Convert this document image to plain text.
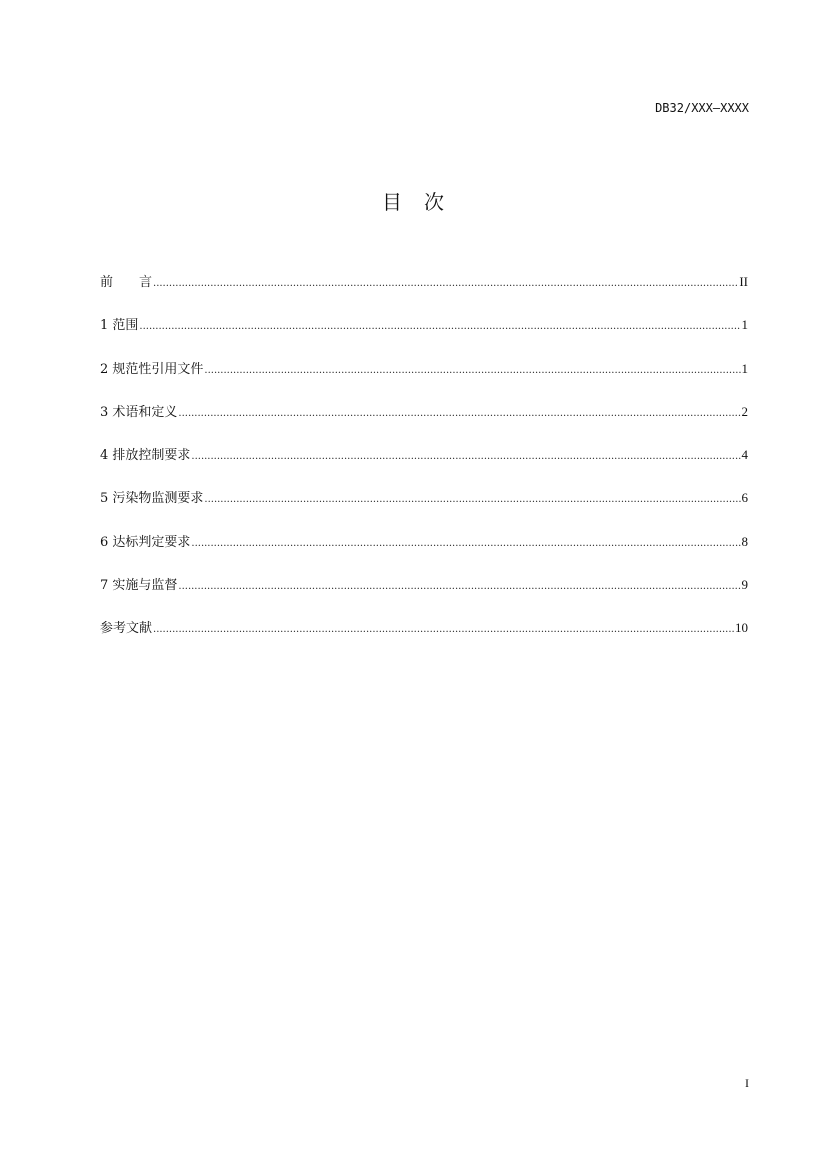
DB32/XXX—XXXX
目次
前　　言 .....	II
1 范围 .....	1
2 规范性引用文件 .....	1
3 术语和定义 .....	2
4 排放控制要求 .....	4
5 污染物监测要求 .....	6
6 达标判定要求 .....	8
7 实施与监督 .....	9
参考文献 .....	10
I
